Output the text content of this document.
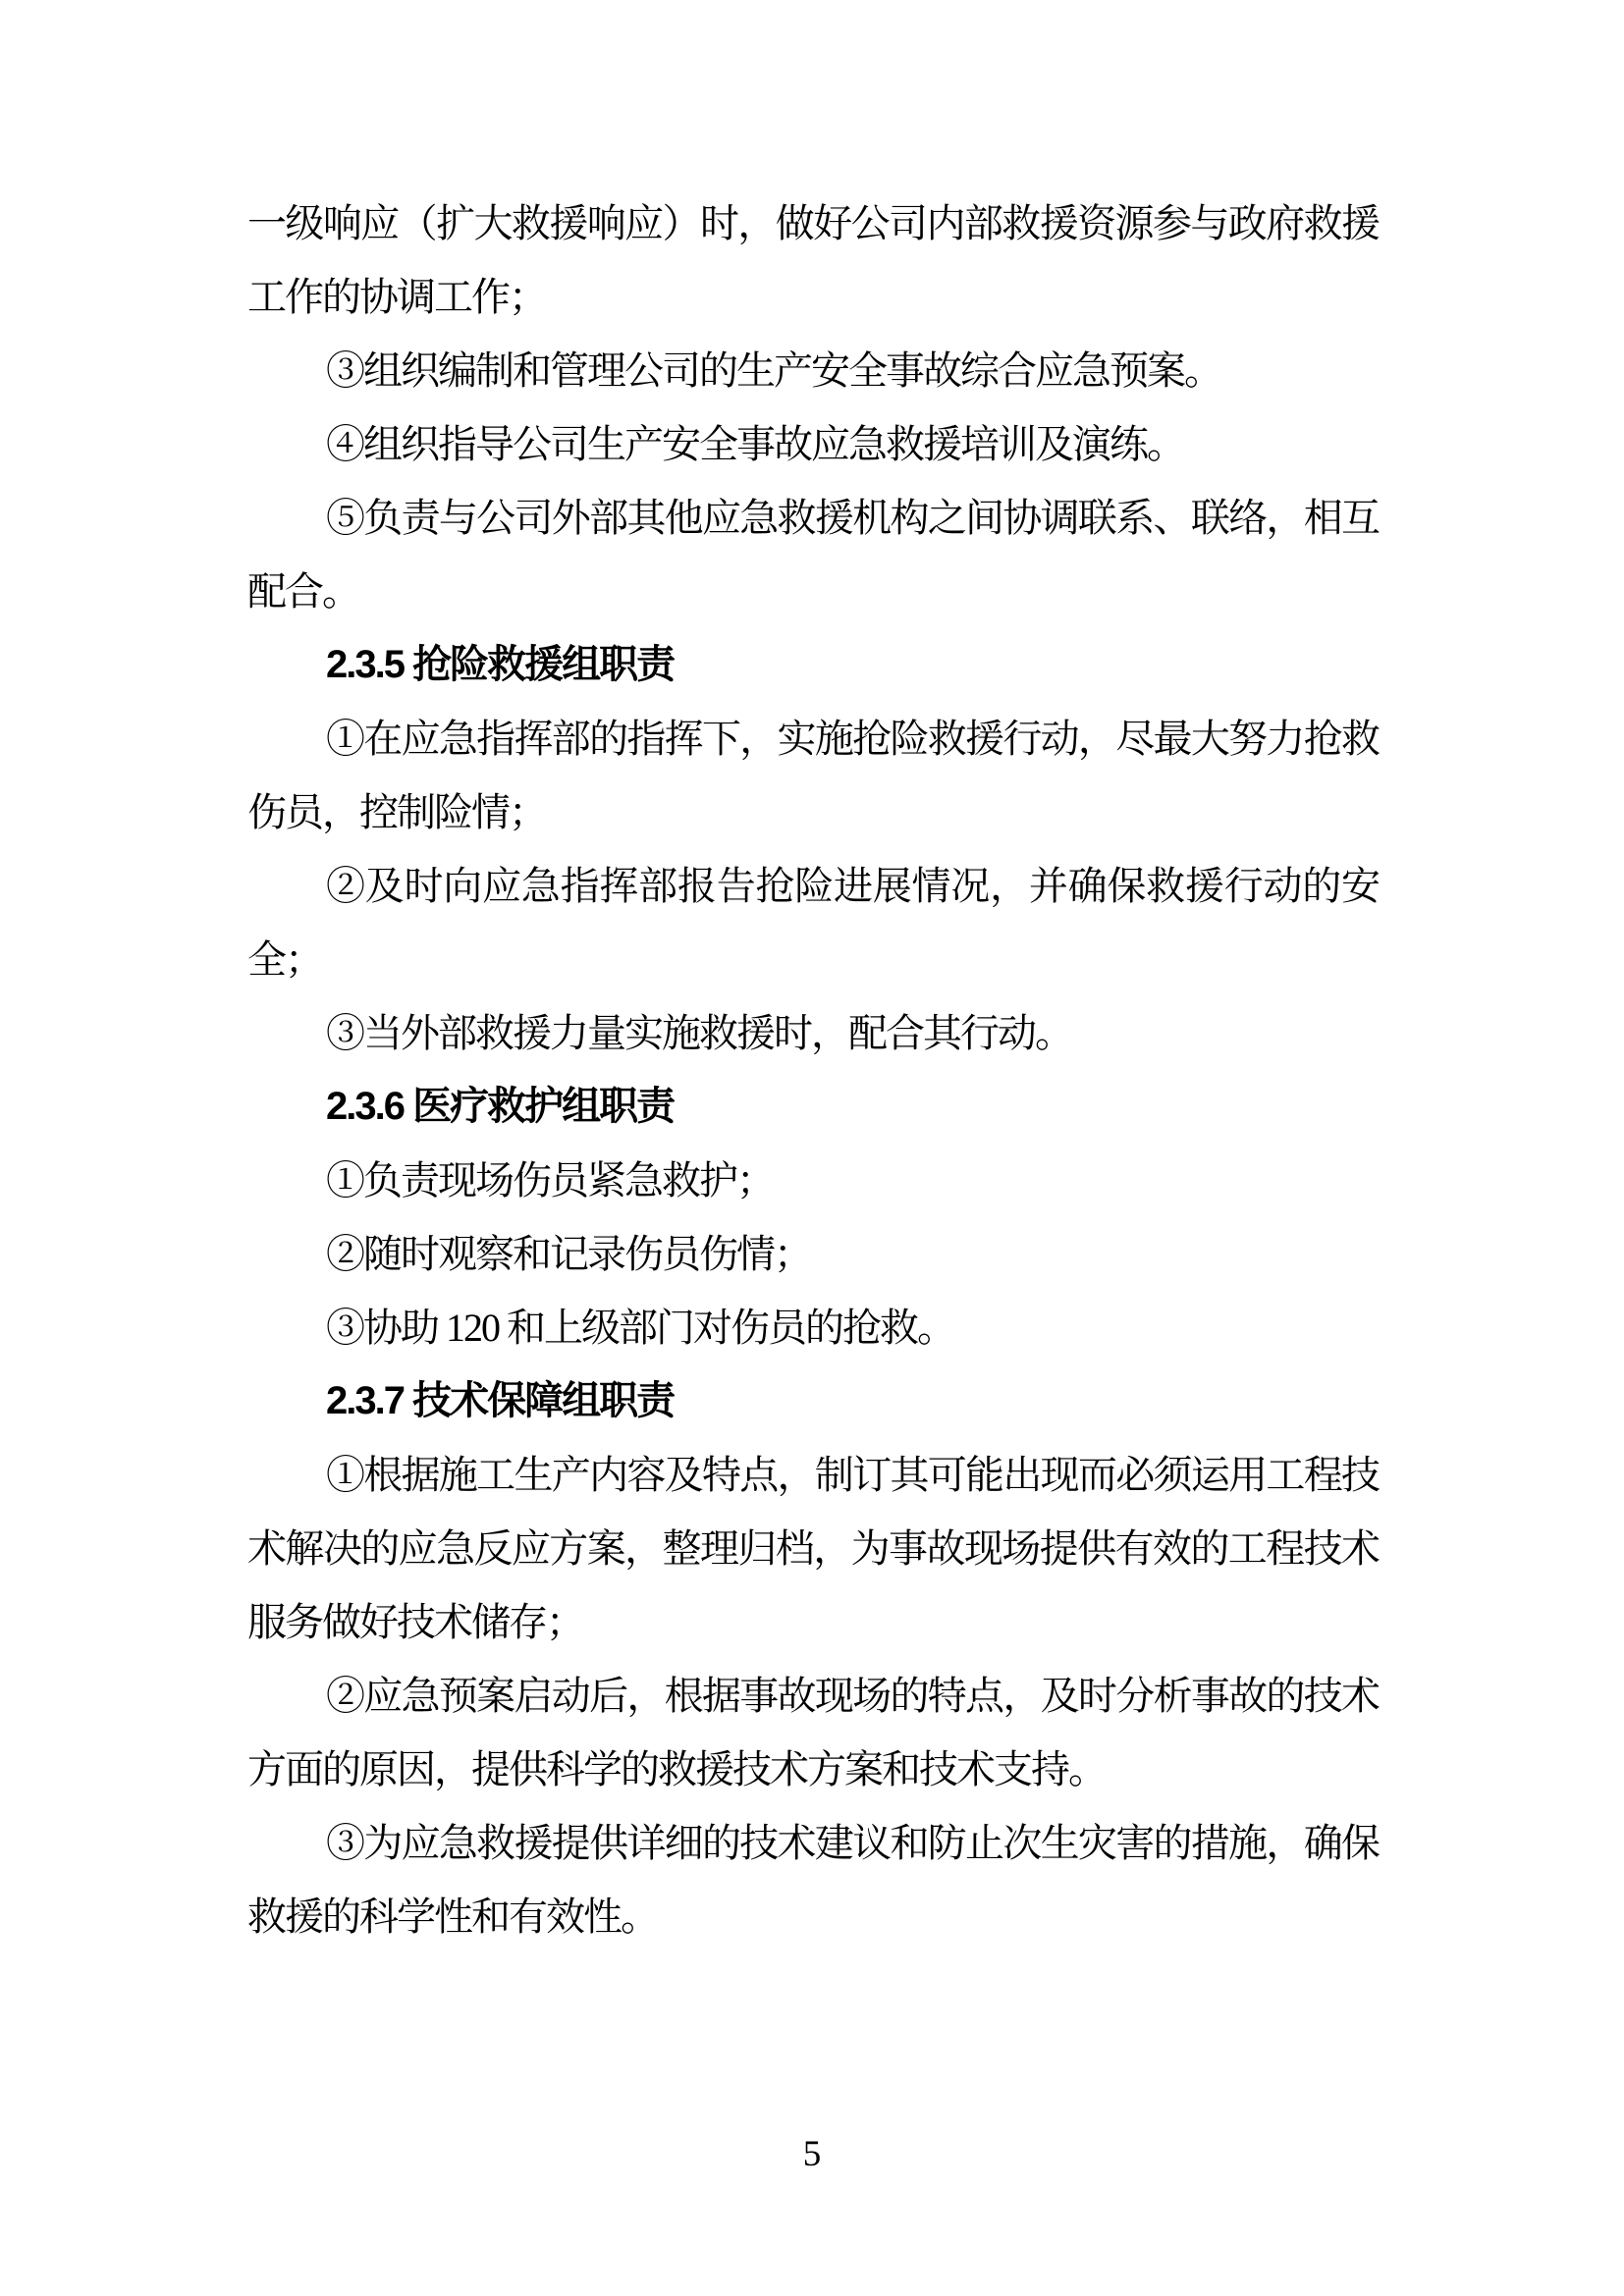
一级响应（扩大救援响应）时，做好公司内部救援资源参与政府救援工作的协调工作；

③组织编制和管理公司的生产安全事故综合应急预案。

④组织指导公司生产安全事故应急救援培训及演练。

⑤负责与公司外部其他应急救援机构之间协调联系、联络，相互配合。

2.3.5 抢险救援组职责

①在应急指挥部的指挥下，实施抢险救援行动，尽最大努力抢救伤员，控制险情；

②及时向应急指挥部报告抢险进展情况，并确保救援行动的安全；

③当外部救援力量实施救援时，配合其行动。

2.3.6 医疗救护组职责

①负责现场伤员紧急救护；

②随时观察和记录伤员伤情；

③协助 120 和上级部门对伤员的抢救。

2.3.7 技术保障组职责

①根据施工生产内容及特点，制订其可能出现而必须运用工程技术解决的应急反应方案，整理归档，为事故现场提供有效的工程技术服务做好技术储存；

②应急预案启动后，根据事故现场的特点，及时分析事故的技术方面的原因，提供科学的救援技术方案和技术支持。

③为应急救援提供详细的技术建议和防止次生灾害的措施，确保救援的科学性和有效性。

5
